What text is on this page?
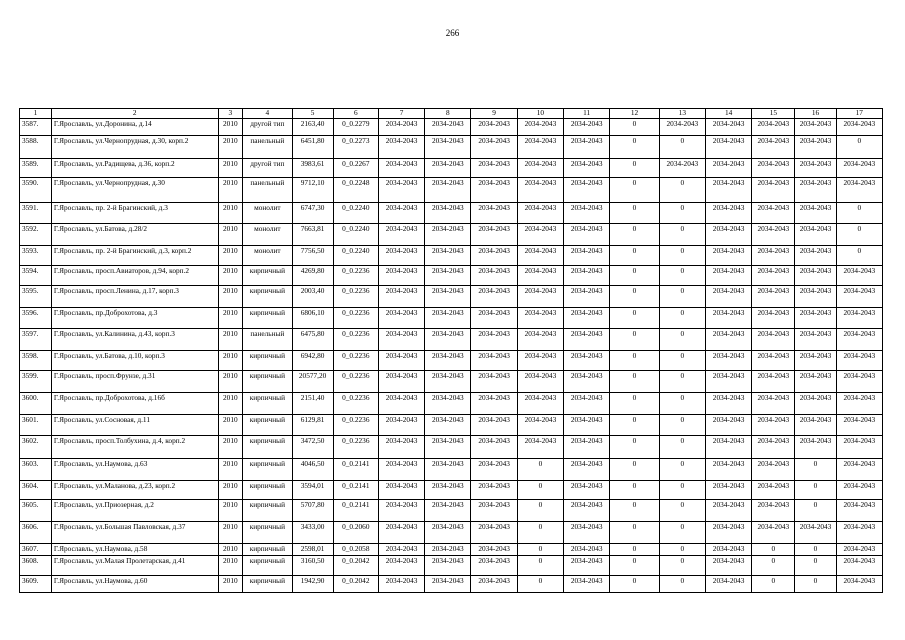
266
1	2	3	4	5	6	7	8	9	10	11	12	13	14	15	16	17
3587.	Г.Ярославль, ул.Доронина, д.14	2010	другой тип	2163,40	0_0.2279	2034-2043	2034-2043	2034-2043	2034-2043	2034-2043	0	2034-2043	2034-2043	2034-2043	2034-2043	2034-2043
3588.	Г.Ярославль, ул.Чернопрудная, д.30, корп.2	2010	панельный	6451,80	0_0.2273	2034-2043	2034-2043	2034-2043	2034-2043	2034-2043	0	0	2034-2043	2034-2043	2034-2043	0
3589.	Г.Ярославль, ул.Радищева, д.36, корп.2	2010	другой тип	3983,61	0_0.2267	2034-2043	2034-2043	2034-2043	2034-2043	2034-2043	0	2034-2043	2034-2043	2034-2043	2034-2043	2034-2043
3590.	Г.Ярославль, ул.Чернопрудная, д.30	2010	панельный	9712,10	0_0.2248	2034-2043	2034-2043	2034-2043	2034-2043	2034-2043	0	0	2034-2043	2034-2043	2034-2043	2034-2043
3591.	Г.Ярославль, пр. 2-й Брагинский, д.3	2010	монолит	6747,30	0_0.2240	2034-2043	2034-2043	2034-2043	2034-2043	2034-2043	0	0	2034-2043	2034-2043	2034-2043	0
3592.	Г.Ярославль, ул.Батова, д.28/2	2010	монолит	7663,81	0_0.2240	2034-2043	2034-2043	2034-2043	2034-2043	2034-2043	0	0	2034-2043	2034-2043	2034-2043	0
3593.	Г.Ярославль, пр. 2-й Брагинский, д.3, корп.2	2010	монолит	7756,50	0_0.2240	2034-2043	2034-2043	2034-2043	2034-2043	2034-2043	0	0	2034-2043	2034-2043	2034-2043	0
3594.	Г.Ярославль, просп.Авиаторов, д.94, корп.2	2010	кирпичный	4269,80	0_0.2236	2034-2043	2034-2043	2034-2043	2034-2043	2034-2043	0	0	2034-2043	2034-2043	2034-2043	2034-2043
3595.	Г.Ярославль, просп.Ленина, д.17, корп.3	2010	кирпичный	2003,40	0_0.2236	2034-2043	2034-2043	2034-2043	2034-2043	2034-2043	0	0	2034-2043	2034-2043	2034-2043	2034-2043
3596.	Г.Ярославль, пр.Доброхотова, д.3	2010	кирпичный	6806,10	0_0.2236	2034-2043	2034-2043	2034-2043	2034-2043	2034-2043	0	0	2034-2043	2034-2043	2034-2043	2034-2043
3597.	Г.Ярославль, ул.Калинина, д.43, корп.3	2010	панельный	6475,80	0_0.2236	2034-2043	2034-2043	2034-2043	2034-2043	2034-2043	0	0	2034-2043	2034-2043	2034-2043	2034-2043
3598.	Г.Ярославль, ул.Батова, д.10, корп.3	2010	кирпичный	6942,80	0_0.2236	2034-2043	2034-2043	2034-2043	2034-2043	2034-2043	0	0	2034-2043	2034-2043	2034-2043	2034-2043
3599.	Г.Ярославль, просп.Фрунзе, д.31	2010	кирпичный	20577,20	0_0.2236	2034-2043	2034-2043	2034-2043	2034-2043	2034-2043	0	0	2034-2043	2034-2043	2034-2043	2034-2043
3600.	Г.Ярославль, пр.Доброхотова, д.16б	2010	кирпичный	2151,40	0_0.2236	2034-2043	2034-2043	2034-2043	2034-2043	2034-2043	0	0	2034-2043	2034-2043	2034-2043	2034-2043
3601.	Г.Ярославль, ул.Сосновая, д.11	2010	кирпичный	6129,81	0_0.2236	2034-2043	2034-2043	2034-2043	2034-2043	2034-2043	0	0	2034-2043	2034-2043	2034-2043	2034-2043
3602.	Г.Ярославль, просп.Толбухина, д.4, корп.2	2010	кирпичный	3472,50	0_0.2236	2034-2043	2034-2043	2034-2043	2034-2043	2034-2043	0	0	2034-2043	2034-2043	2034-2043	2034-2043
3603.	Г.Ярославль, ул.Наумова, д.63	2010	кирпичный	4046,50	0_0.2141	2034-2043	2034-2043	2034-2043	0	2034-2043	0	0	2034-2043	2034-2043	0	2034-2043
3604.	Г.Ярославль, ул.Маланова, д.23, корп.2	2010	кирпичный	3594,01	0_0.2141	2034-2043	2034-2043	2034-2043	0	2034-2043	0	0	2034-2043	2034-2043	0	2034-2043
3605.	Г.Ярославль, ул.Приозерная, д.2	2010	кирпичный	5707,80	0_0.2141	2034-2043	2034-2043	2034-2043	0	2034-2043	0	0	2034-2043	2034-2043	0	2034-2043
3606.	Г.Ярославль, ул.Большая Павловская, д.37	2010	кирпичный	3433,00	0_0.2060	2034-2043	2034-2043	2034-2043	0	2034-2043	0	0	2034-2043	2034-2043	2034-2043	2034-2043
3607.	Г.Ярославль, ул.Наумова, д.58	2010	кирпичный	2598,01	0_0.2058	2034-2043	2034-2043	2034-2043	0	2034-2043	0	0	2034-2043	0	0	2034-2043
3608.	Г.Ярославль, ул.Малая Пролетарская, д.41	2010	кирпичный	3160,50	0_0.2042	2034-2043	2034-2043	2034-2043	0	2034-2043	0	0	2034-2043	0	0	2034-2043
3609.	Г.Ярославль, ул.Наумова, д.60	2010	кирпичный	1942,90	0_0.2042	2034-2043	2034-2043	2034-2043	0	2034-2043	0	0	2034-2043	0	0	2034-2043
